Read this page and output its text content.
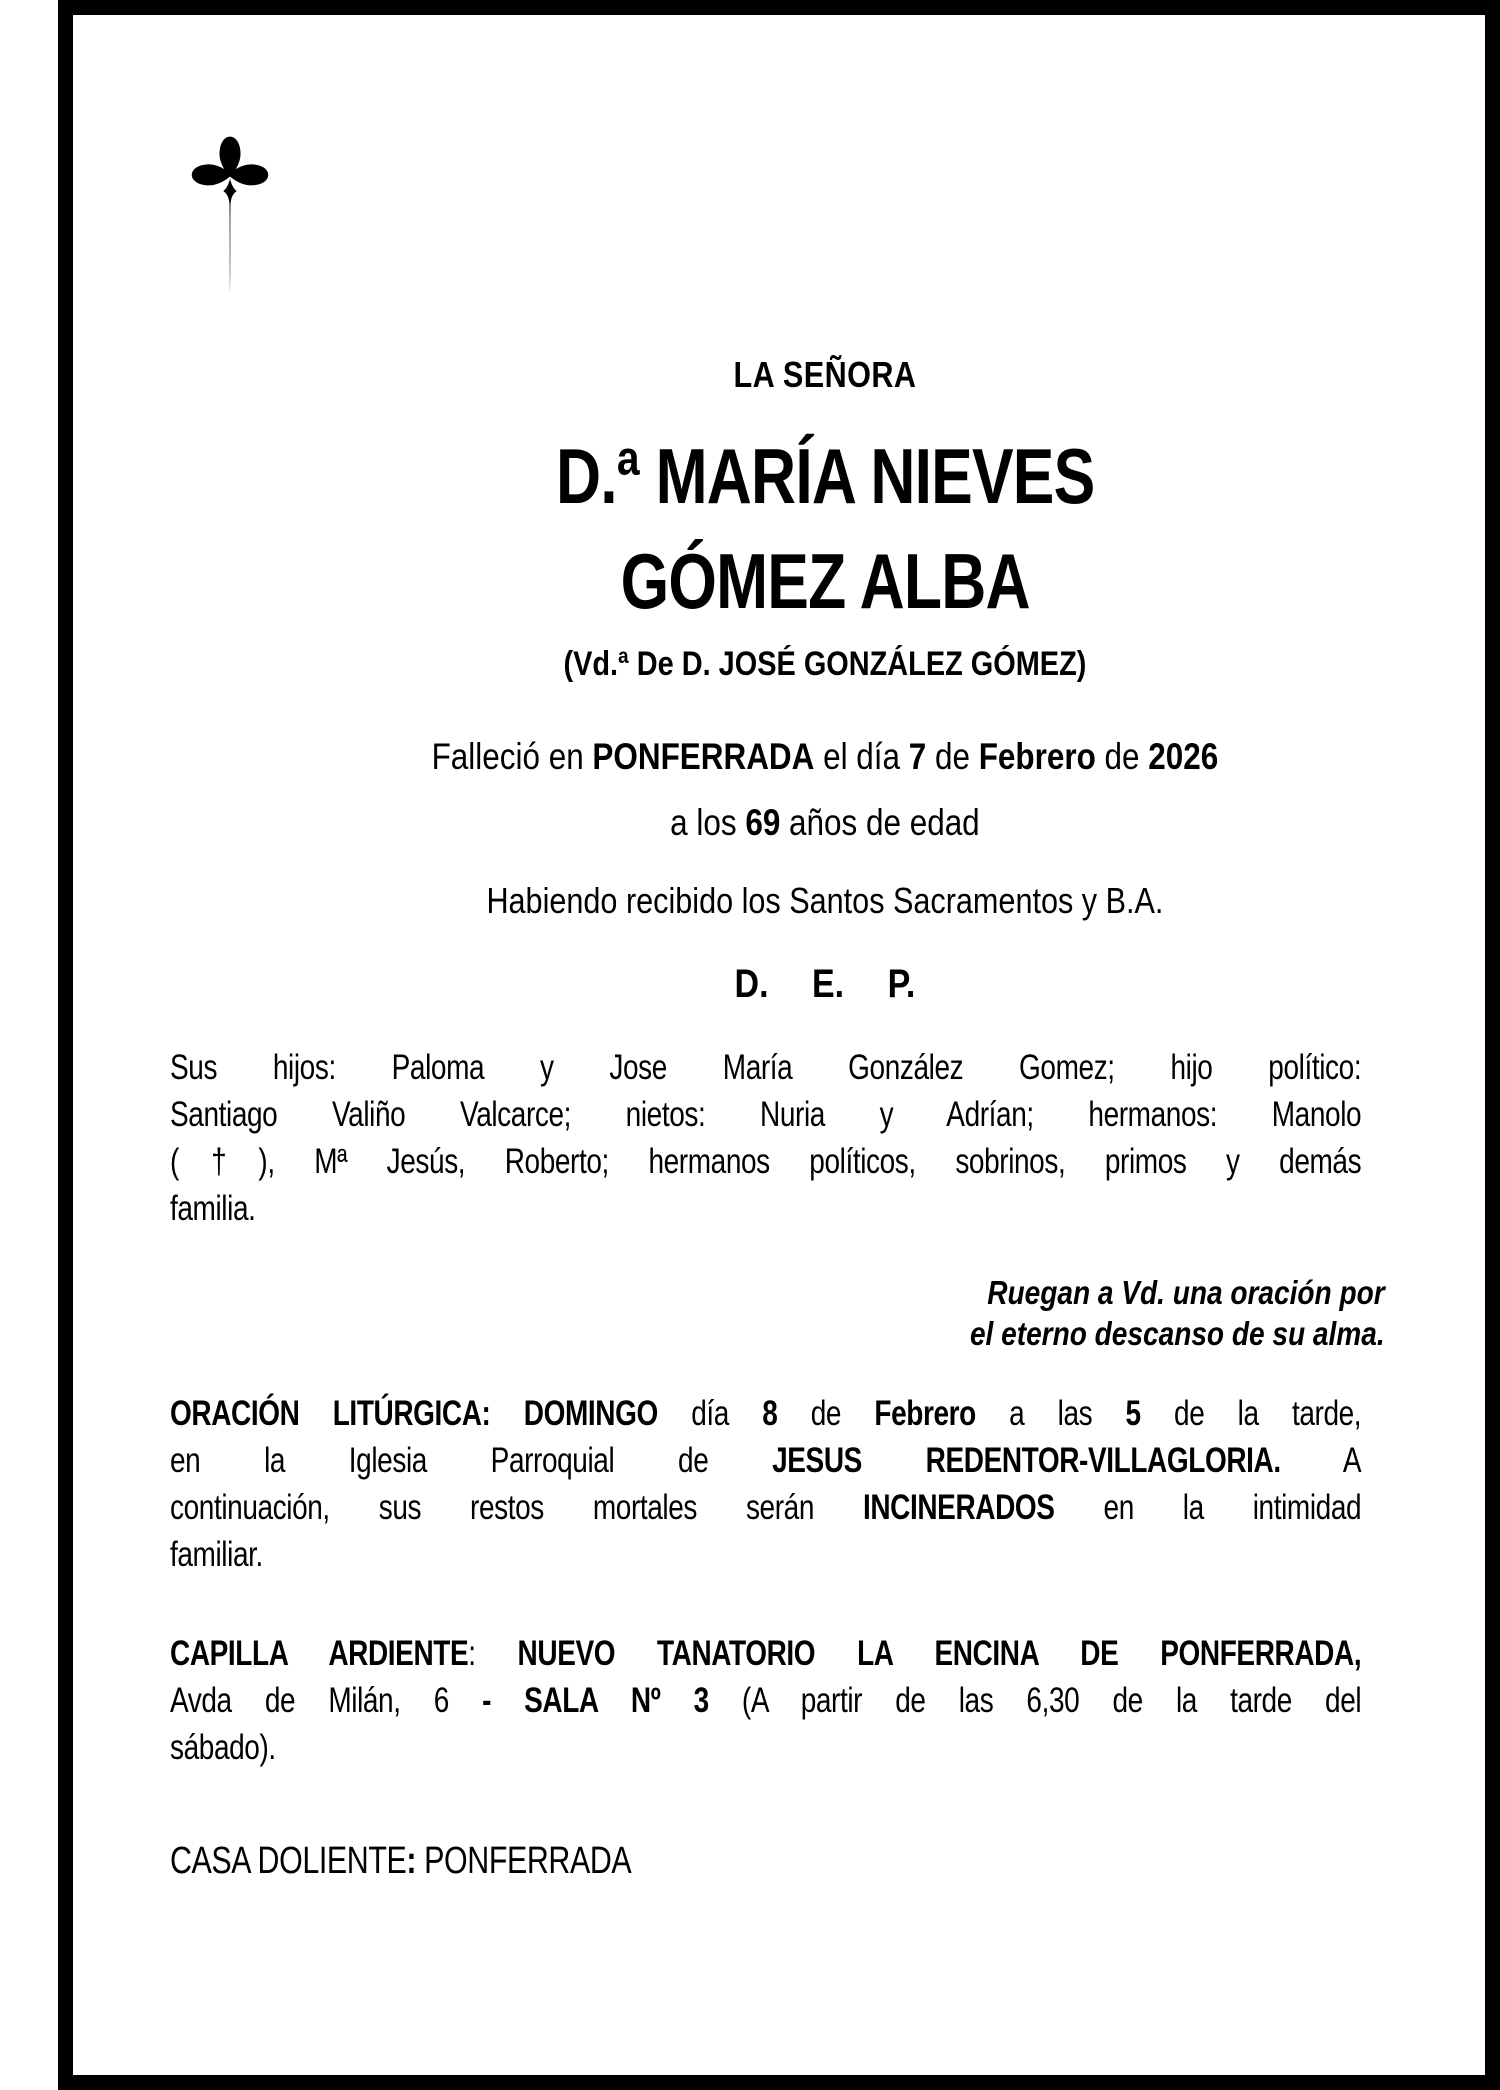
LA SEÑORA
D.ª MARÍA NIEVES
GÓMEZ ALBA
(Vd.ª De D. JOSÉ GONZÁLEZ GÓMEZ)
Falleció en PONFERRADA el día 7 de Febrero de 2026
a los 69 años de edad
Habiendo recibido los Santos Sacramentos y B.A.
D. E. P.

Sus hijos: Paloma y Jose María González Gomez; hijo político:
Santiago Valiño Valcarce; nietos: Nuria y Adrían; hermanos: Manolo
(†), Mª Jesús, Roberto; hermanos políticos, sobrinos, primos y demás
familia.

Ruegan a Vd. una oración por
el eterno descanso de su alma.

ORACIÓN LITÚRGICA: DOMINGO día 8 de Febrero a las 5 de la tarde,
en la Iglesia Parroquial de JESUS REDENTOR-VILLAGLORIA. A
continuación, sus restos mortales serán INCINERADOS en la intimidad
familiar.

CAPILLA ARDIENTE: NUEVO TANATORIO LA ENCINA DE PONFERRADA,
Avda de Milán, 6 - SALA Nº 3 (A partir de las 6,30 de la tarde del
sábado).

CASA DOLIENTE: PONFERRADA
